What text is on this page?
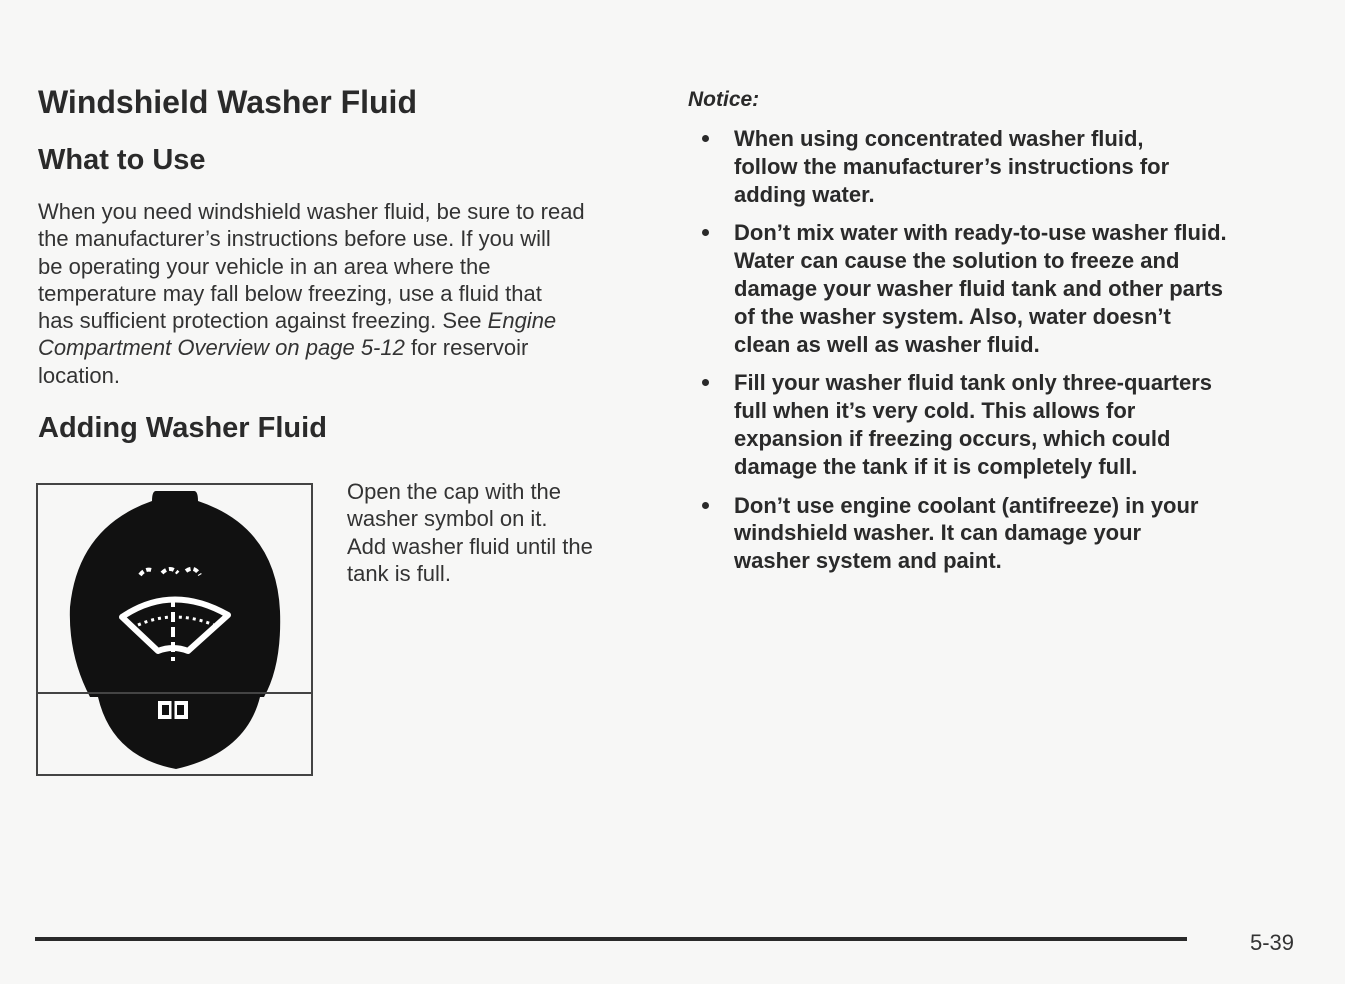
Windshield Washer Fluid
What to Use

When you need windshield washer fluid, be sure to read
the manufacturer’s instructions before use. If you will
be operating your vehicle in an area where the
temperature may fall below freezing, use a fluid that
has sufficient protection against freezing. See Engine
Compartment Overview on page 5-12 for reservoir
location.

Adding Washer Fluid
Open the cap with the
washer symbol on it.
Add washer fluid until the
tank is full.
Notice:
When using concentrated washer fluid,
follow the manufacturer’s instructions for
adding water.
Don’t mix water with ready-to-use washer fluid.
Water can cause the solution to freeze and
damage your washer fluid tank and other parts
of the washer system. Also, water doesn’t
clean as well as washer fluid.
Fill your washer fluid tank only three-quarters
full when it’s very cold. This allows for
expansion if freezing occurs, which could
damage the tank if it is completely full.
Don’t use engine coolant (antifreeze) in your
windshield washer. It can damage your
washer system and paint.
5-39
